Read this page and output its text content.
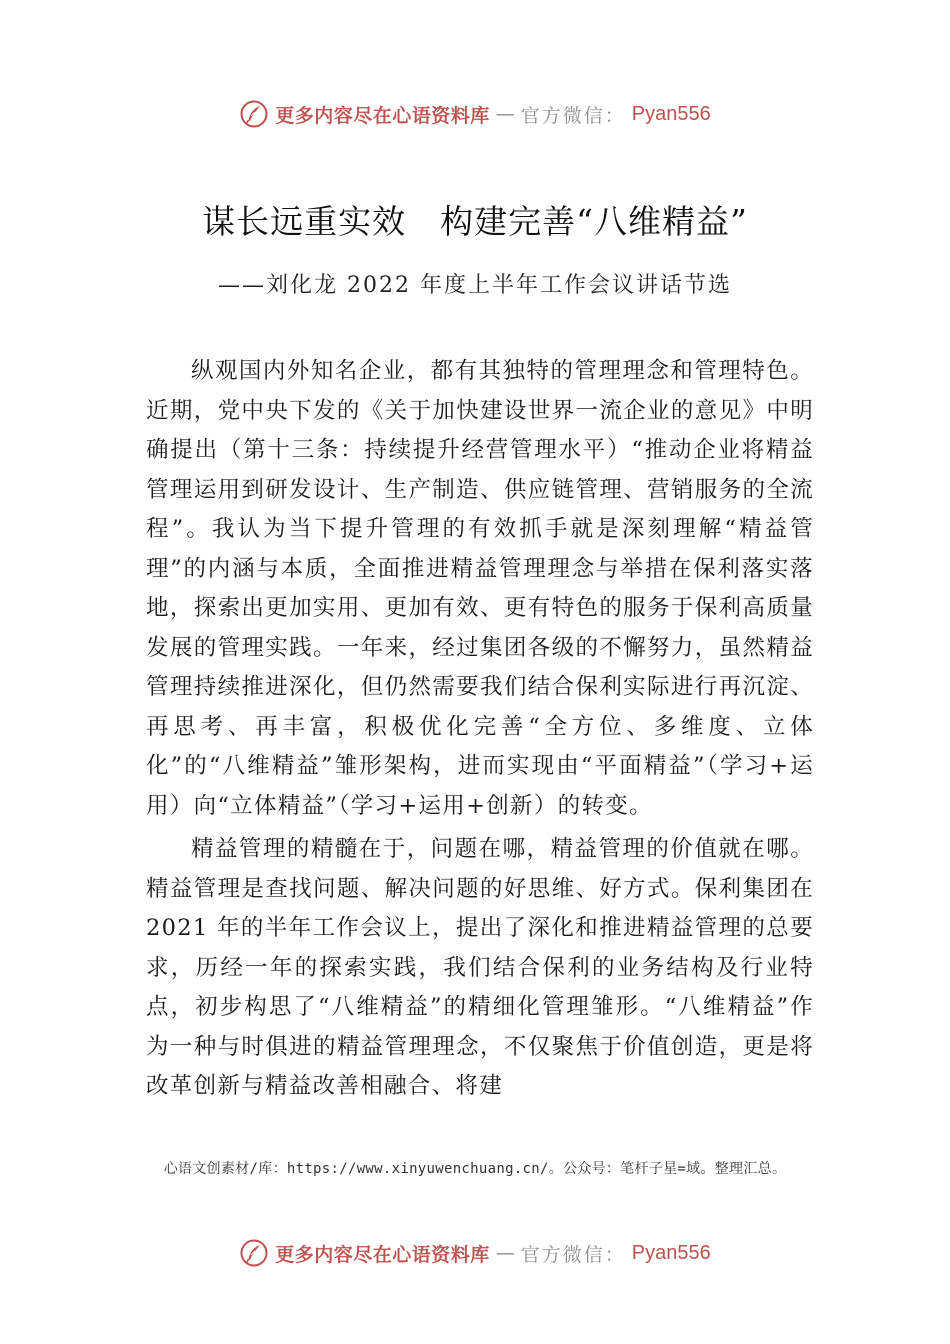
更多内容尽在心语资料库 — 官方微信： Pyan556
谋长远重实效　构建完善“八维精益”
——刘化龙 2022 年度上半年工作会议讲话节选

纵观国内外知名企业，都有其独特的管理理念和管理特色。近期，党中央下发的《关于加快建设世界一流企业的意见》中明确提出（第十三条：持续提升经营管理水平）“推动企业将精益管理运用到研发设计、生产制造、供应链管理、营销服务的全流程”。我认为当下提升管理的有效抓手就是深刻理解“精益管理”的内涵与本质，全面推进精益管理理念与举措在保利落实落地，探索出更加实用、更加有效、更有特色的服务于保利高质量发展的管理实践。一年来，经过集团各级的不懈努力，虽然精益管理持续推进深化，但仍然需要我们结合保利实际进行再沉淀、再思考、再丰富，积极优化完善“全方位、多维度、立体化”的“八维精益”雏形架构，进而实现由“平面精益”（学习+运用）向“立体精益”（学习+运用+创新）的转变。

精益管理的精髓在于，问题在哪，精益管理的价值就在哪。精益管理是查找问题、解决问题的好思维、好方式。保利集团在 2021 年的半年工作会议上，提出了深化和推进精益管理的总要求，历经一年的探索实践，我们结合保利的业务结构及行业特点，初步构思了“八维精益”的精细化管理雏形。“八维精益”作为一种与时俱进的精益管理理念，不仅聚焦于价值创造，更是将改革创新与精益改善相融合、将建

心语文创素材/库：https://www.xinyuwenchuang.cn/。公众号：笔杆子星=域。整理汇总。
更多内容尽在心语资料库 — 官方微信： Pyan556
